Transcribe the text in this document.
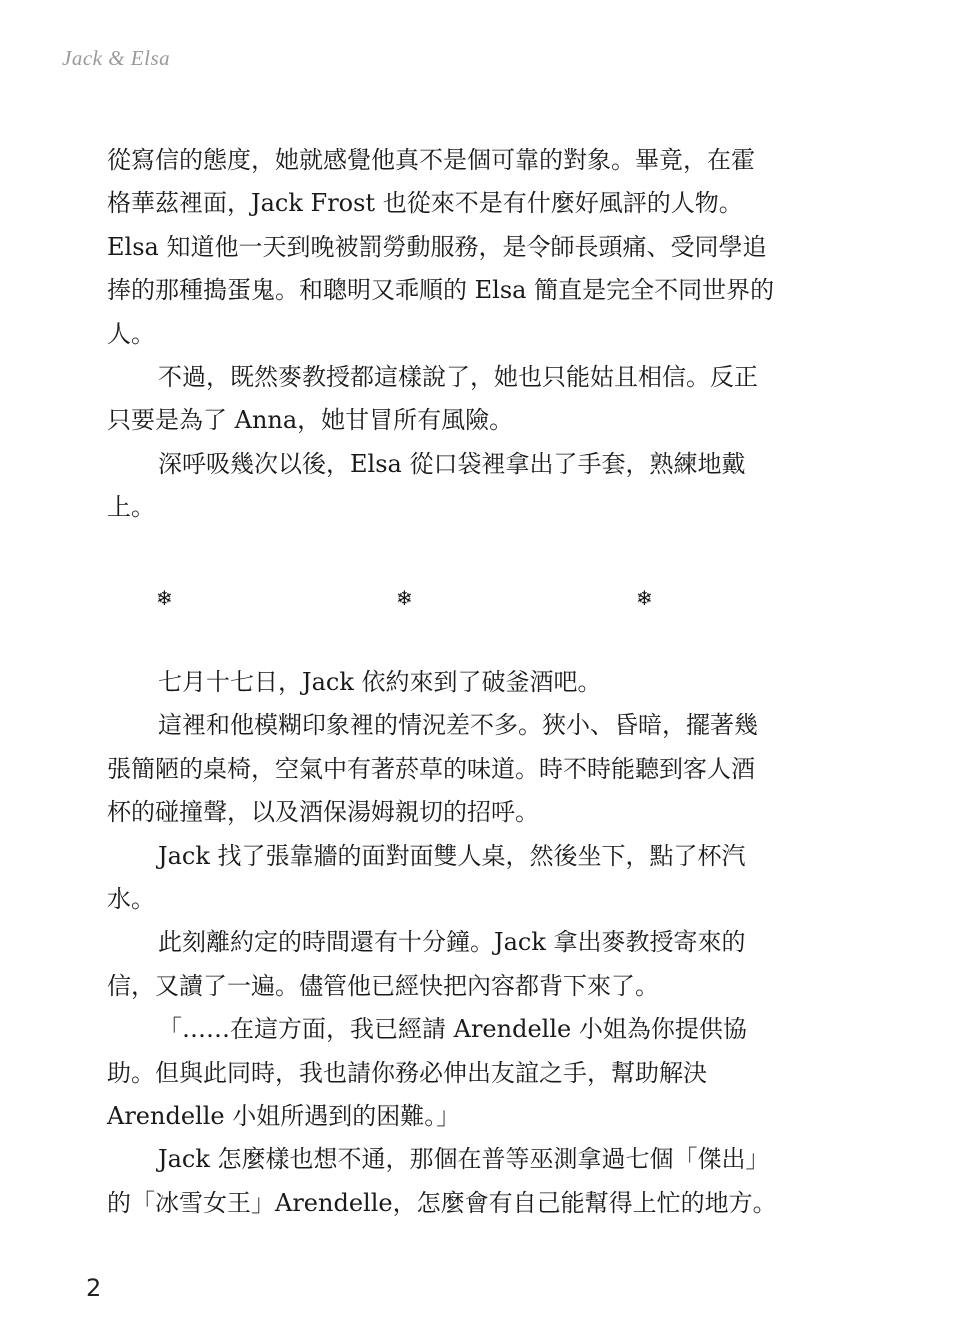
Jack & Elsa
從寫信的態度，她就感覺他真不是個可靠的對象。畢竟，在霍
格華茲裡面，Jack Frost 也從來不是有什麼好風評的人物。
Elsa 知道他一天到晚被罰勞動服務，是令師長頭痛、受同學追
捧的那種搗蛋鬼。和聰明又乖順的 Elsa 簡直是完全不同世界的
人。
不過，既然麥教授都這樣說了，她也只能姑且相信。反正
只要是為了 Anna，她甘冒所有風險。
深呼吸幾次以後，Elsa 從口袋裡拿出了手套，熟練地戴
上。
❄	❄	❄
七月十七日，Jack 依約來到了破釜酒吧。
這裡和他模糊印象裡的情況差不多。狹小、昏暗，擺著幾
張簡陋的桌椅，空氣中有著菸草的味道。時不時能聽到客人酒
杯的碰撞聲，以及酒保湯姆親切的招呼。
Jack 找了張靠牆的面對面雙人桌，然後坐下，點了杯汽
水。
此刻離約定的時間還有十分鐘。Jack 拿出麥教授寄來的
信，又讀了一遍。儘管他已經快把內容都背下來了。
「……在這方面，我已經請 Arendelle 小姐為你提供協
助。但與此同時，我也請你務必伸出友誼之手，幫助解決
Arendelle 小姐所遇到的困難。」
Jack 怎麼樣也想不通，那個在普等巫測拿過七個「傑出」
的「冰雪女王」Arendelle，怎麼會有自己能幫得上忙的地方。
2
